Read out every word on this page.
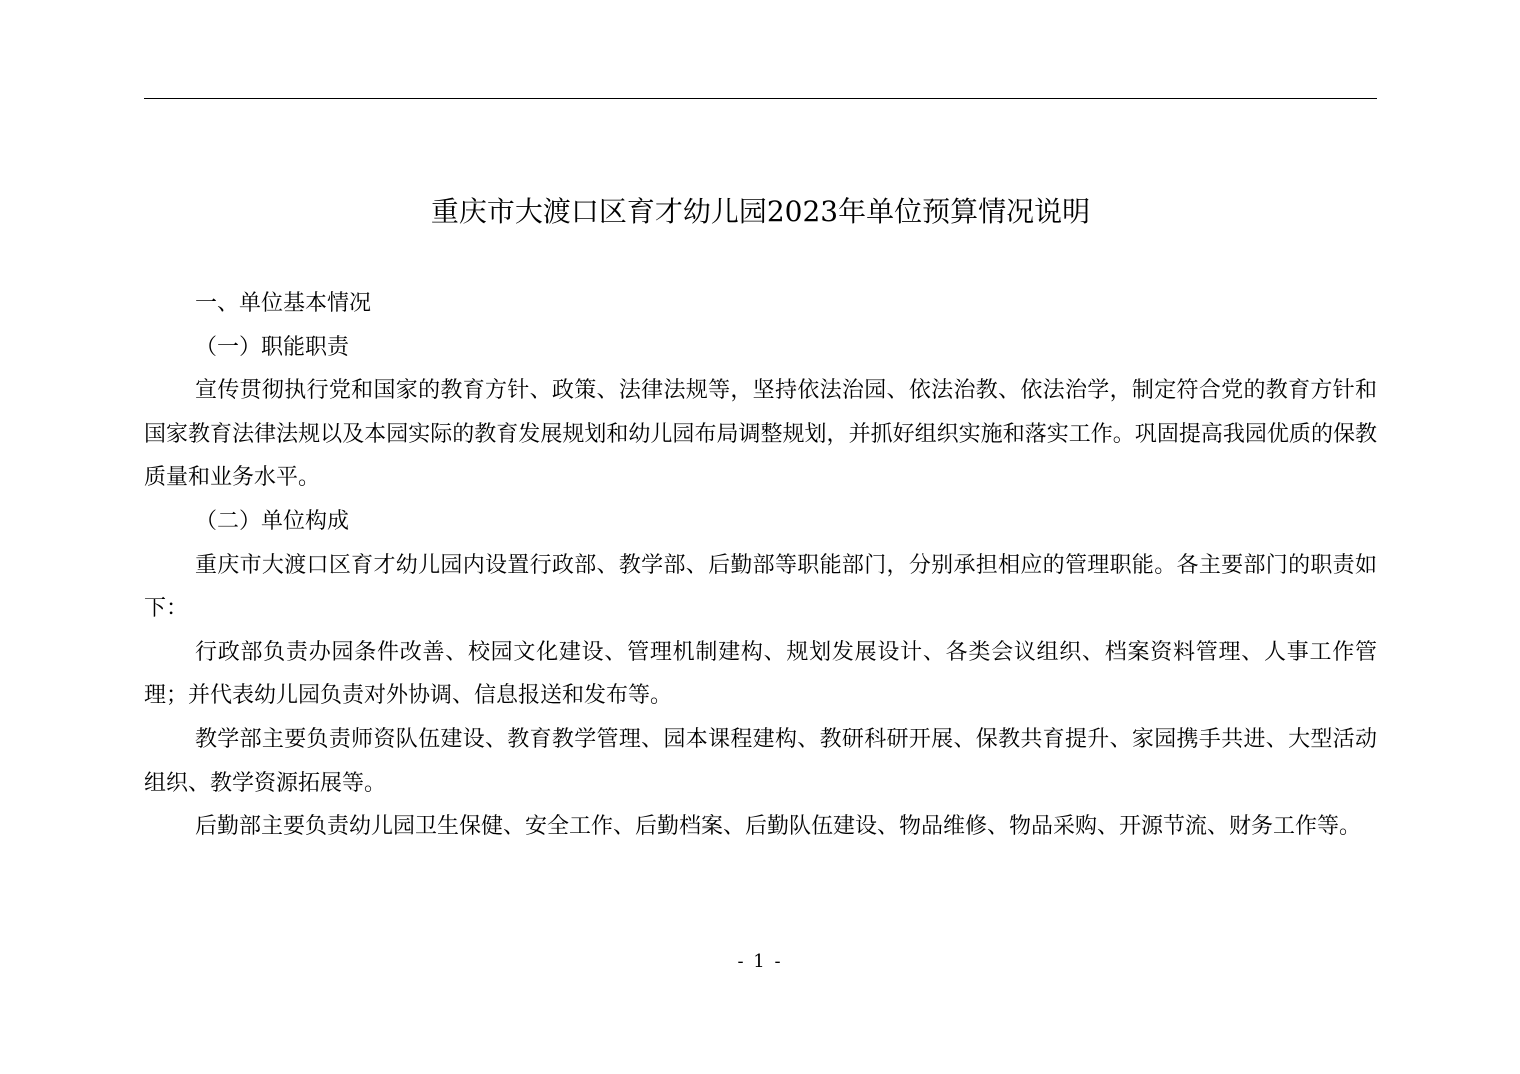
重庆市大渡口区育才幼儿园2023年单位预算情况说明

一、单位基本情况

（一）职能职责

宣传贯彻执行党和国家的教育方针、政策、法律法规等，坚持依法治园、依法治教、依法治学，制定符合党的教育方针和国家教育法律法规以及本园实际的教育发展规划和幼儿园布局调整规划，并抓好组织实施和落实工作。巩固提高我园优质的保教质量和业务水平。

（二）单位构成

重庆市大渡口区育才幼儿园内设置行政部、教学部、后勤部等职能部门，分别承担相应的管理职能。各主要部门的职责如下：

行政部负责办园条件改善、校园文化建设、管理机制建构、规划发展设计、各类会议组织、档案资料管理、人事工作管理；并代表幼儿园负责对外协调、信息报送和发布等。

教学部主要负责师资队伍建设、教育教学管理、园本课程建构、教研科研开展、保教共育提升、家园携手共进、大型活动组织、教学资源拓展等。

后勤部主要负责幼儿园卫生保健、安全工作、后勤档案、后勤队伍建设、物品维修、物品采购、开源节流、财务工作等。

- 1 -
